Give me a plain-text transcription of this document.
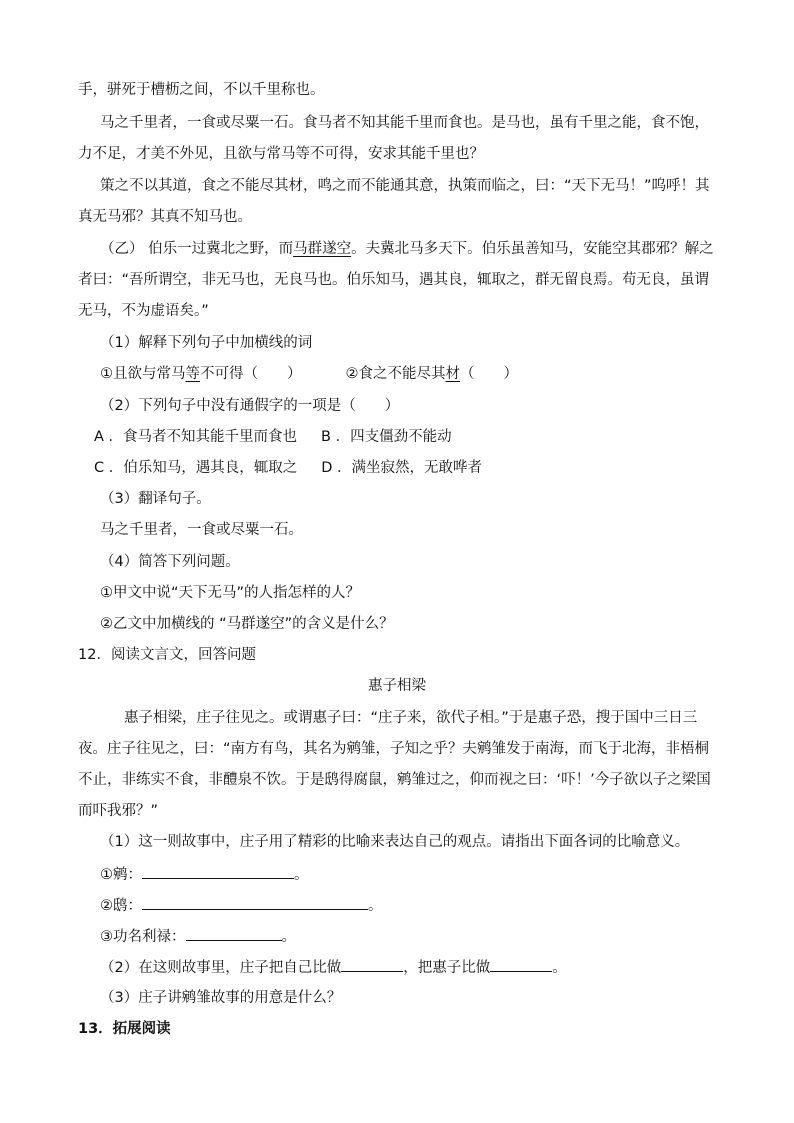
手，骈死于槽枥之间，不以千里称也。
马之千里者，一食或尽粟一石。食马者不知其能千里而食也。是马也，虽有千里之能，食不饱，
力不足，才美不外见，且欲与常马等不可得，安求其能千里也？
策之不以其道，食之不能尽其材，鸣之而不能通其意，执策而临之，曰：“天下无马！”呜呼！其
真无马邪？其真不知马也。
（乙） 伯乐一过冀北之野，而马群遂空。夫冀北马多天下。伯乐虽善知马，安能空其郡邪？解之
者曰：“吾所谓空，非无马也，无良马也。伯乐知马，遇其良，辄取之，群无留良焉。苟无良，虽谓
无马，不为虚语矣。”
（1）解释下列句子中加横线的词
①且欲与常马等不可得（　　）	②食之不能尽其材（　　）
（2）下列句子中没有通假字的一项是（　　）
A ．食马者不知其能千里而食也 B ．四支僵劲不能动
C ．伯乐知马，遇其良，辄取之 D ．满坐寂然，无敢哗者
（3）翻译句子。
马之千里者，一食或尽粟一石。
（4）简答下列问题。
①甲文中说“天下无马”的人指怎样的人？
②乙文中加横线的 “马群遂空”的含义是什么？
12．阅读文言文，回答问题
惠子相梁
惠子相梁，庄子往见之。或谓惠子曰：“庄子来，欲代子相。”于是惠子恐，搜于国中三日三
夜。庄子往见之，曰：“南方有鸟，其名为鹓雏，子知之乎？夫鹓雏发于南海，而飞于北海，非梧桐
不止，非练实不食，非醴泉不饮。于是鸱得腐鼠，鹓雏过之，仰而视之曰：‘吓！’今子欲以子之梁国
而吓我邪？”
（1）这一则故事中，庄子用了精彩的比喻来表达自己的观点。请指出下面各词的比喻意义。
①鹓：	。
②鸱：	。
③功名利禄：	。
（2）在这则故事里，庄子把自己比做	，把惠子比做	。
（3）庄子讲鹓雏故事的用意是什么？
13．拓展阅读
